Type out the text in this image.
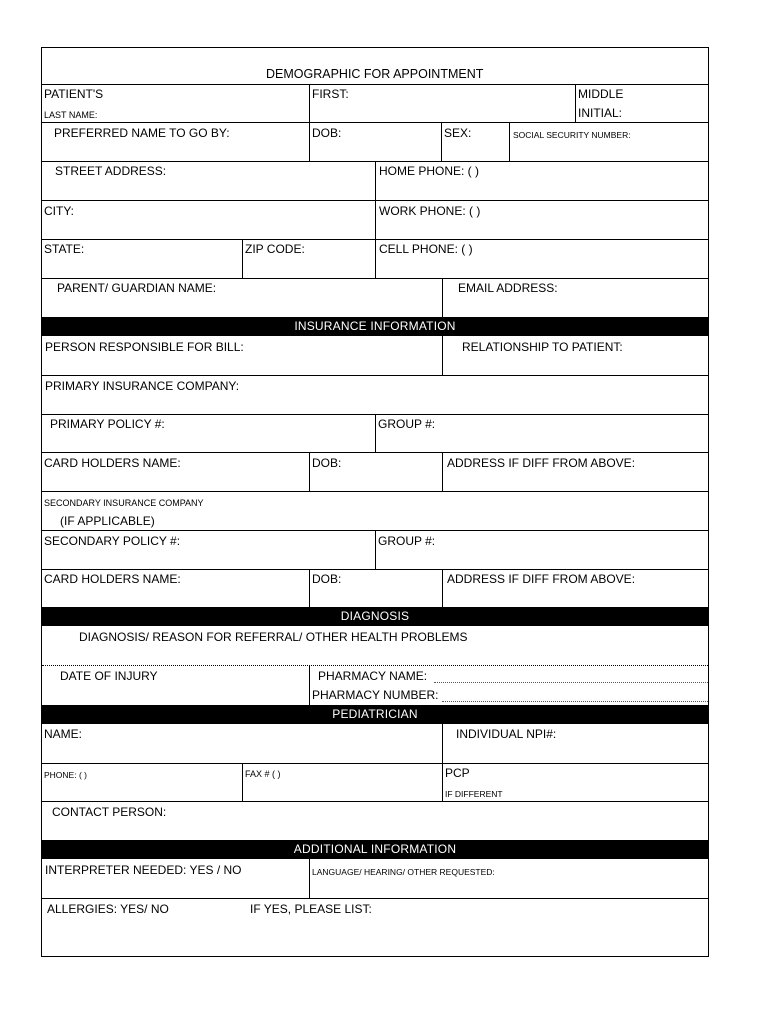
DEMOGRAPHIC FOR APPOINTMENT
INSURANCE INFORMATION
DIAGNOSIS
PEDIATRICIAN
ADDITIONAL INFORMATION
PATIENT'S
LAST NAME:
FIRST:	MIDDLE
INITIAL:
PREFERRED NAME TO GO BY:	DOB:	SEX:	SOCIAL SECURITY NUMBER:
STREET ADDRESS:	HOME PHONE: ( )
CITY:	WORK PHONE: ( )
STATE:	ZIP CODE:	CELL PHONE: ( )
PARENT/ GUARDIAN NAME:	EMAIL ADDRESS:
PERSON RESPONSIBLE FOR BILL:	RELATIONSHIP TO PATIENT:
PRIMARY INSURANCE COMPANY:
PRIMARY POLICY #:	GROUP #:
CARD HOLDERS NAME:	DOB:	ADDRESS IF DIFF FROM ABOVE:
SECONDARY INSURANCE COMPANY
(IF APPLICABLE)
SECONDARY POLICY #:	GROUP #:
CARD HOLDERS NAME:	DOB:	ADDRESS IF DIFF FROM ABOVE:
DIAGNOSIS/ REASON FOR REFERRAL/ OTHER HEALTH PROBLEMS
DATE OF INJURY	PHARMACY NAME:
PHARMACY NUMBER:
NAME:	INDIVIDUAL NPI#:
PHONE: ( )	FAX # ( )	PCP
IF DIFFERENT
CONTACT PERSON:
INTERPRETER NEEDED: YES / NO	LANGUAGE/ HEARING/ OTHER REQUESTED:
ALLERGIES: YES/ NO	IF YES, PLEASE LIST:
